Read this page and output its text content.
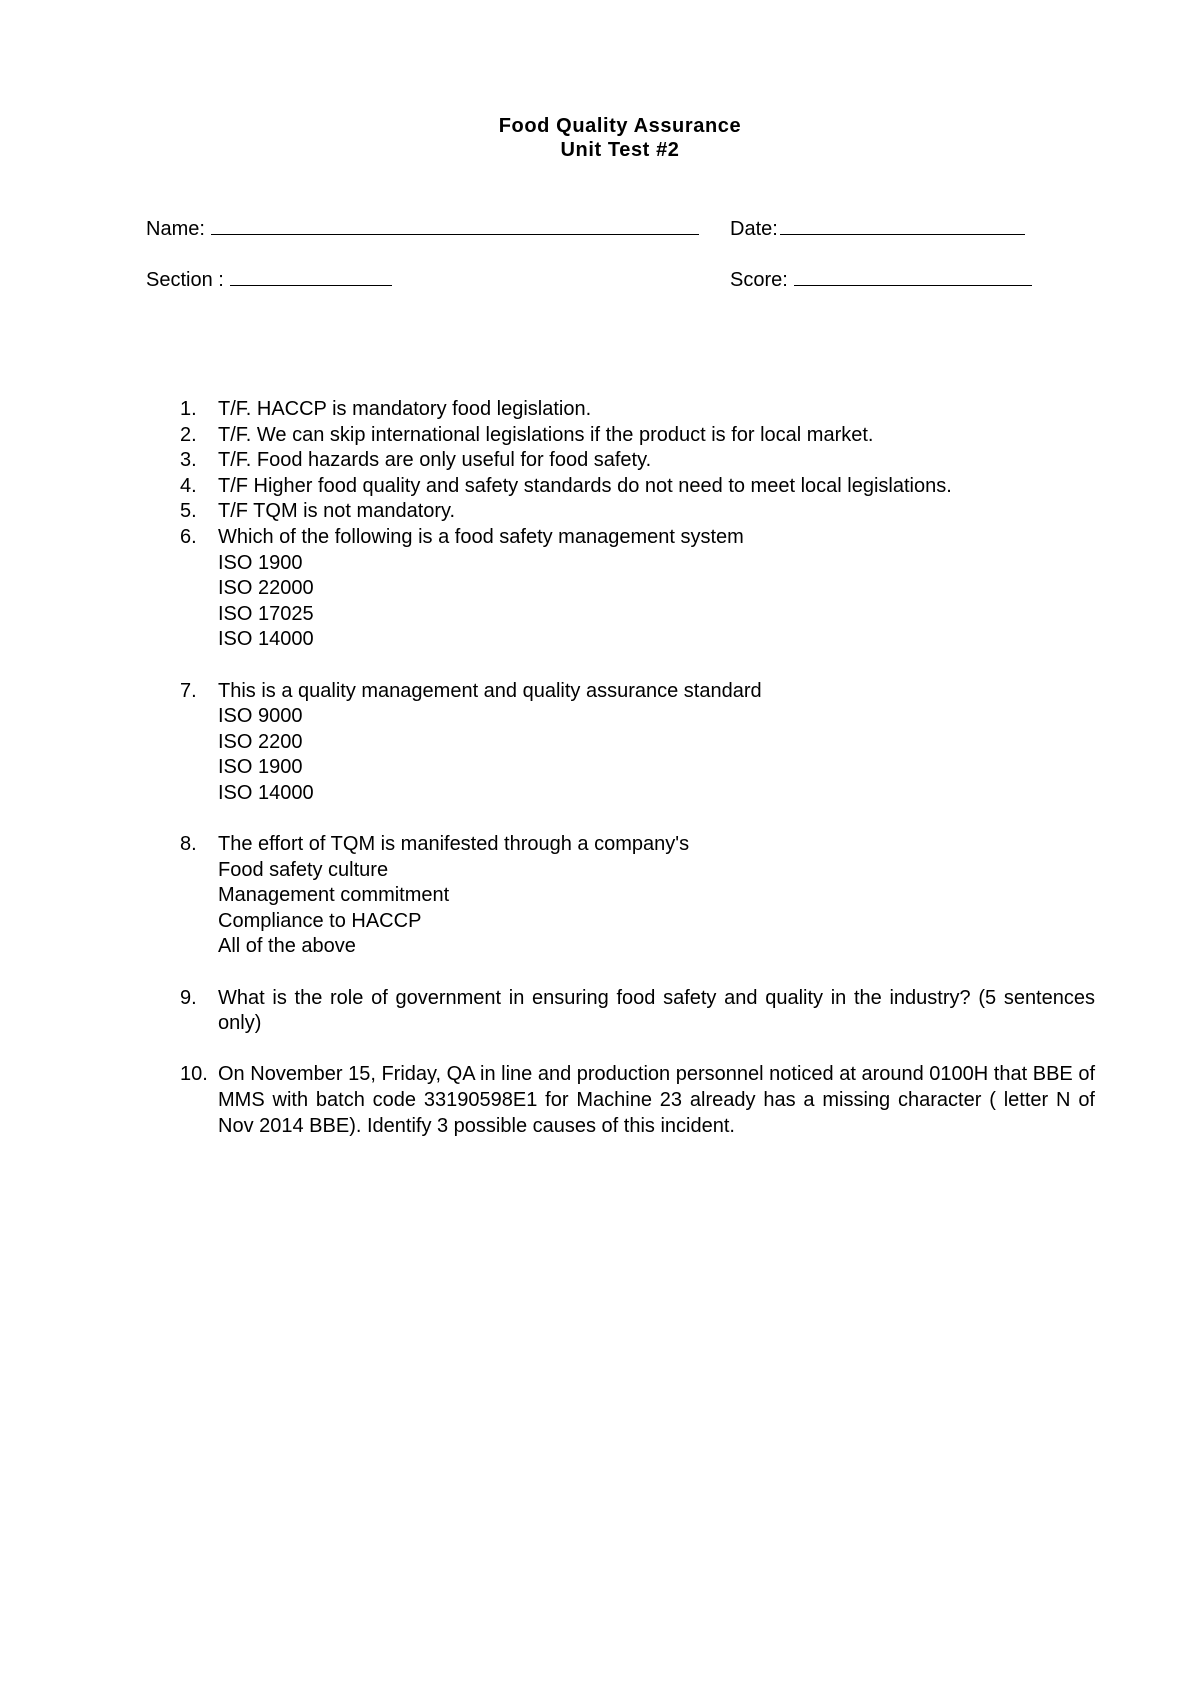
Food Quality Assurance
Unit Test #2
Name:	Date:
Section :	Score:
1.	T/F. HACCP is mandatory food legislation.
2.	T/F. We can skip international legislations if the product is for local market.
3.	T/F. Food hazards are only useful for food safety.
4.	T/F Higher food quality and safety standards do not need to meet local legislations.
5.	T/F TQM is not mandatory.
6.	Which of the following is a food safety management system
ISO 1900
ISO 22000
ISO 17025
ISO 14000
7.	This is a quality management and quality assurance standard
ISO 9000
ISO 2200
ISO 1900
ISO 14000
8.	The effort of TQM is manifested through a company's
Food safety culture
Management commitment
Compliance to HACCP
All of the above
9.	What is the role of government in ensuring food safety and quality in the industry? (5 sentences only)
10. On November 15, Friday, QA in line and production personnel noticed at around 0100H that BBE of MMS with batch code 33190598E1 for Machine 23 already has a missing character ( letter N of Nov 2014 BBE). Identify 3 possible causes of this incident.
